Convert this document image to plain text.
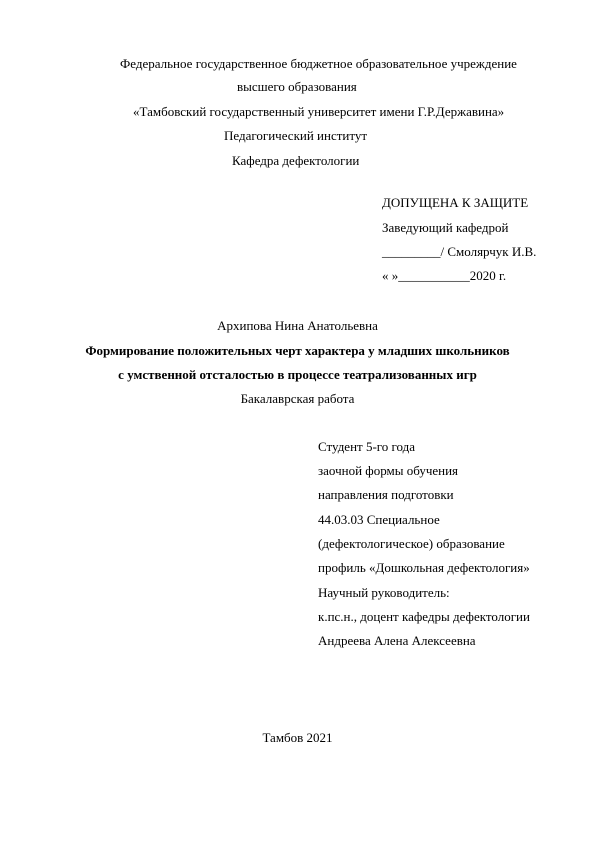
Федеральное государственное бюджетное образовательное учреждение
высшего образования
«Тамбовский государственный университет имени Г.Р.Державина»
Педагогический институт
Кафедра дефектологии
ДОПУЩЕНА К ЗАЩИТЕ
Заведующий кафедрой
_________/ Смолярчук И.В.
« »___________2020 г.
Архипова Нина Анатольевна
Формирование положительных черт характера у младших школьников
с умственной отсталостью в процессе театрализованных игр
Бакалаврская работа
Студент 5-го года
заочной формы обучения
направления подготовки
44.03.03 Специальное
(дефектологическое) образование
профиль «Дошкольная дефектология»
Научный руководитель:
к.пс.н., доцент кафедры дефектологии
Андреева Алена Алексеевна
Тамбов 2021
